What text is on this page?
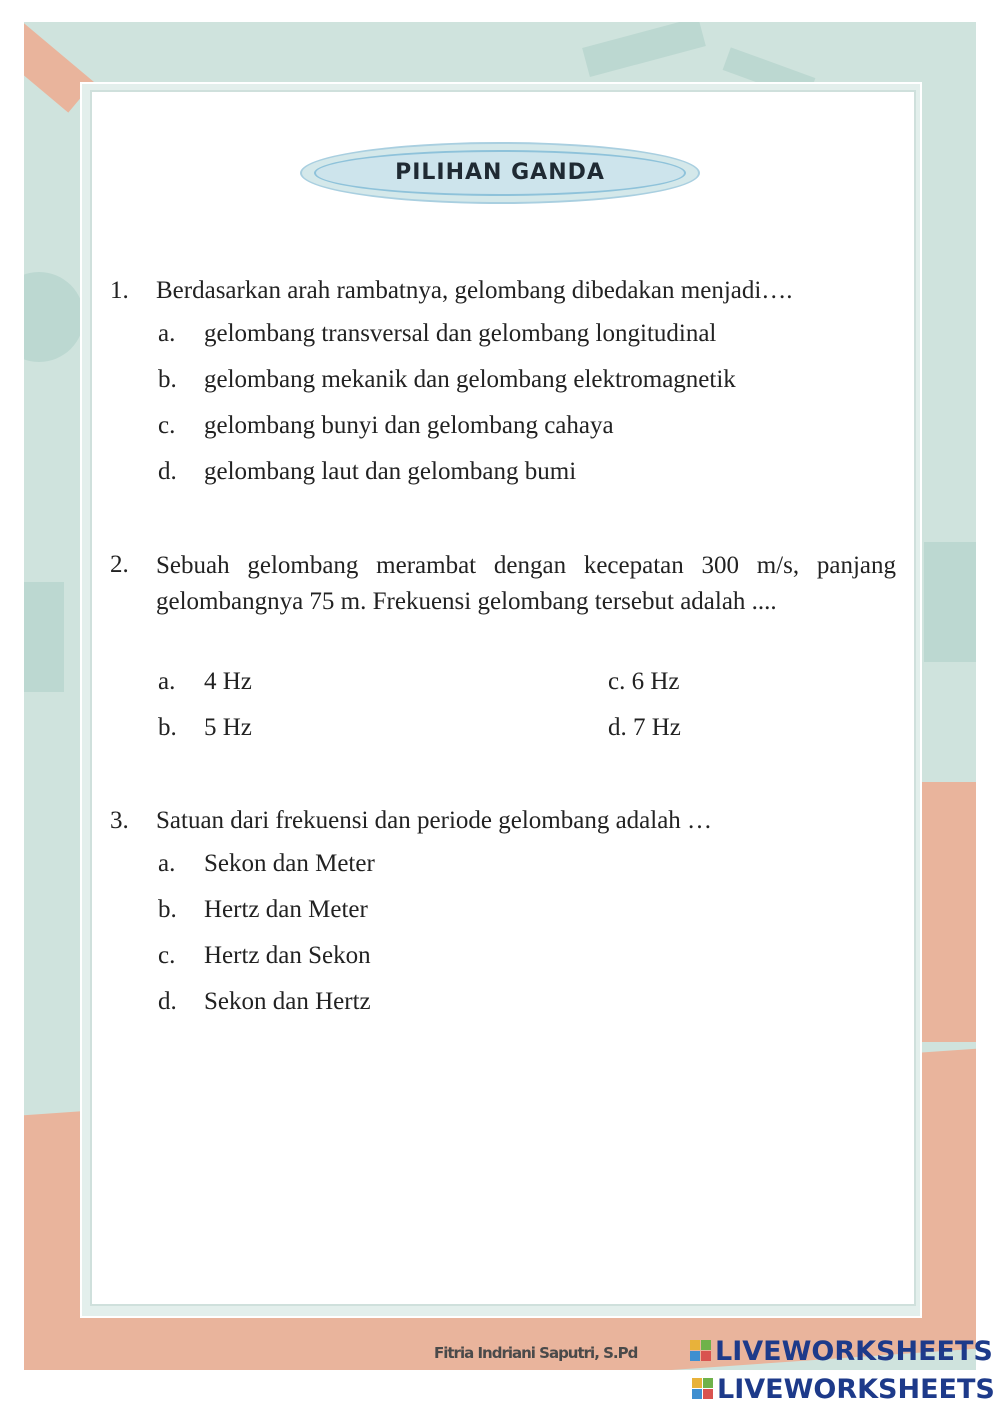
PILIHAN GANDA
1. Berdasarkan arah rambatnya, gelombang dibedakan menjadi….
a. gelombang transversal dan gelombang longitudinal
b. gelombang mekanik dan gelombang elektromagnetik
c. gelombang bunyi dan gelombang cahaya
d. gelombang laut dan gelombang bumi
2. Sebuah gelombang merambat dengan kecepatan 300 m/s, panjang gelombangnya 75 m. Frekuensi gelombang tersebut adalah ....
a. 4 Hz	c. 6 Hz
b. 5 Hz	d. 7 Hz
3. Satuan dari frekuensi dan periode gelombang adalah …
a. Sekon dan Meter
b. Hertz dan Meter
c. Hertz dan Sekon
d. Sekon dan Hertz
Fitria Indriani Saputri, S.Pd	LIVEWORKSHEETS
LIVEWORKSHEETS
